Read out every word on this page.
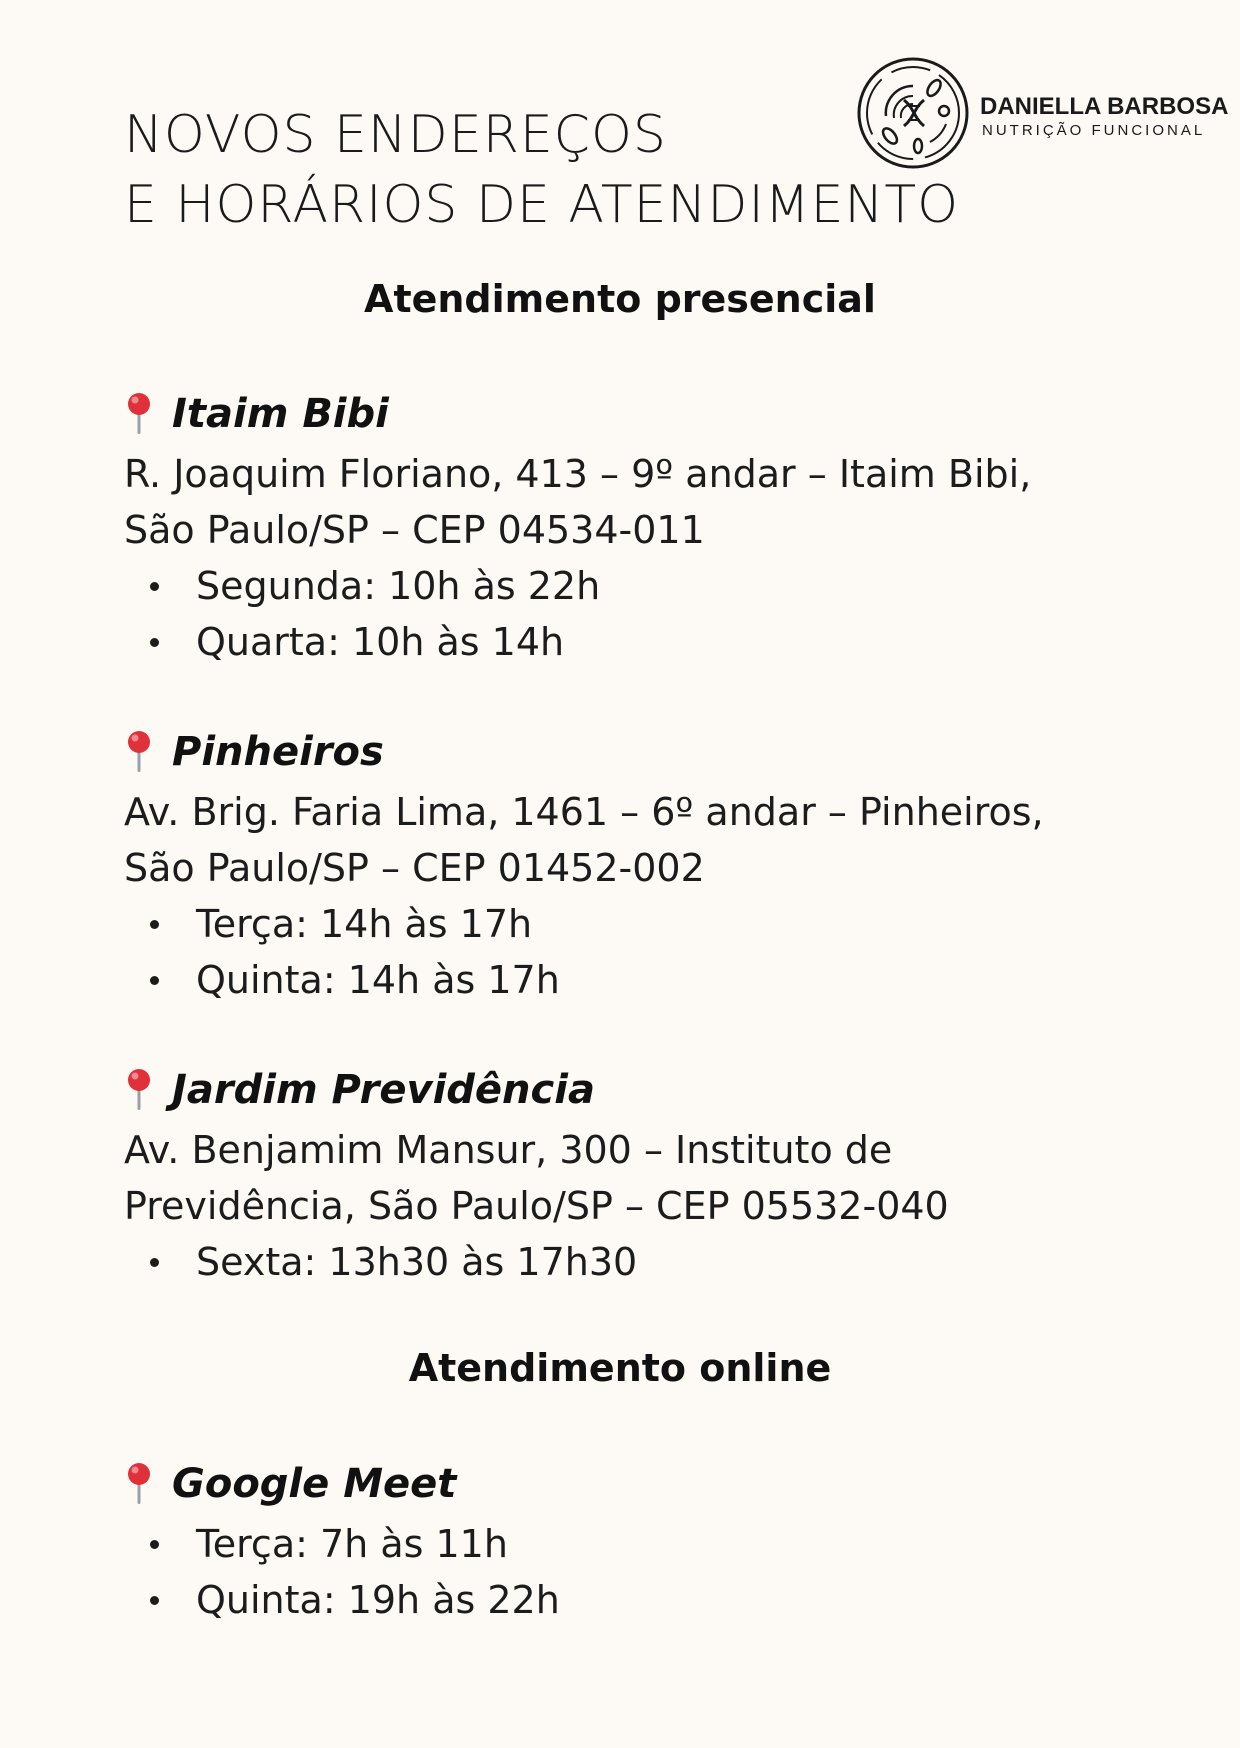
NOVOS ENDEREÇOS
E HORÁRIOS DE ATENDIMENTO
DANIELLA BARBOSA
NUTRIÇÃO FUNCIONAL
Atendimento presencial
Itaim Bibi
R. Joaquim Floriano, 413 – 9º andar – Itaim Bibi,
São Paulo/SP – CEP 04534-011
Segunda: 10h às 22h
Quarta: 10h às 14h
Pinheiros
Av. Brig. Faria Lima, 1461 – 6º andar – Pinheiros,
São Paulo/SP – CEP 01452-002
Terça: 14h às 17h
Quinta: 14h às 17h
Jardim Previdência
Av. Benjamim Mansur, 300 – Instituto de
Previdência, São Paulo/SP – CEP 05532-040
Sexta: 13h30 às 17h30
Atendimento online
Google Meet
Terça: 7h às 11h
Quinta: 19h às 22h
